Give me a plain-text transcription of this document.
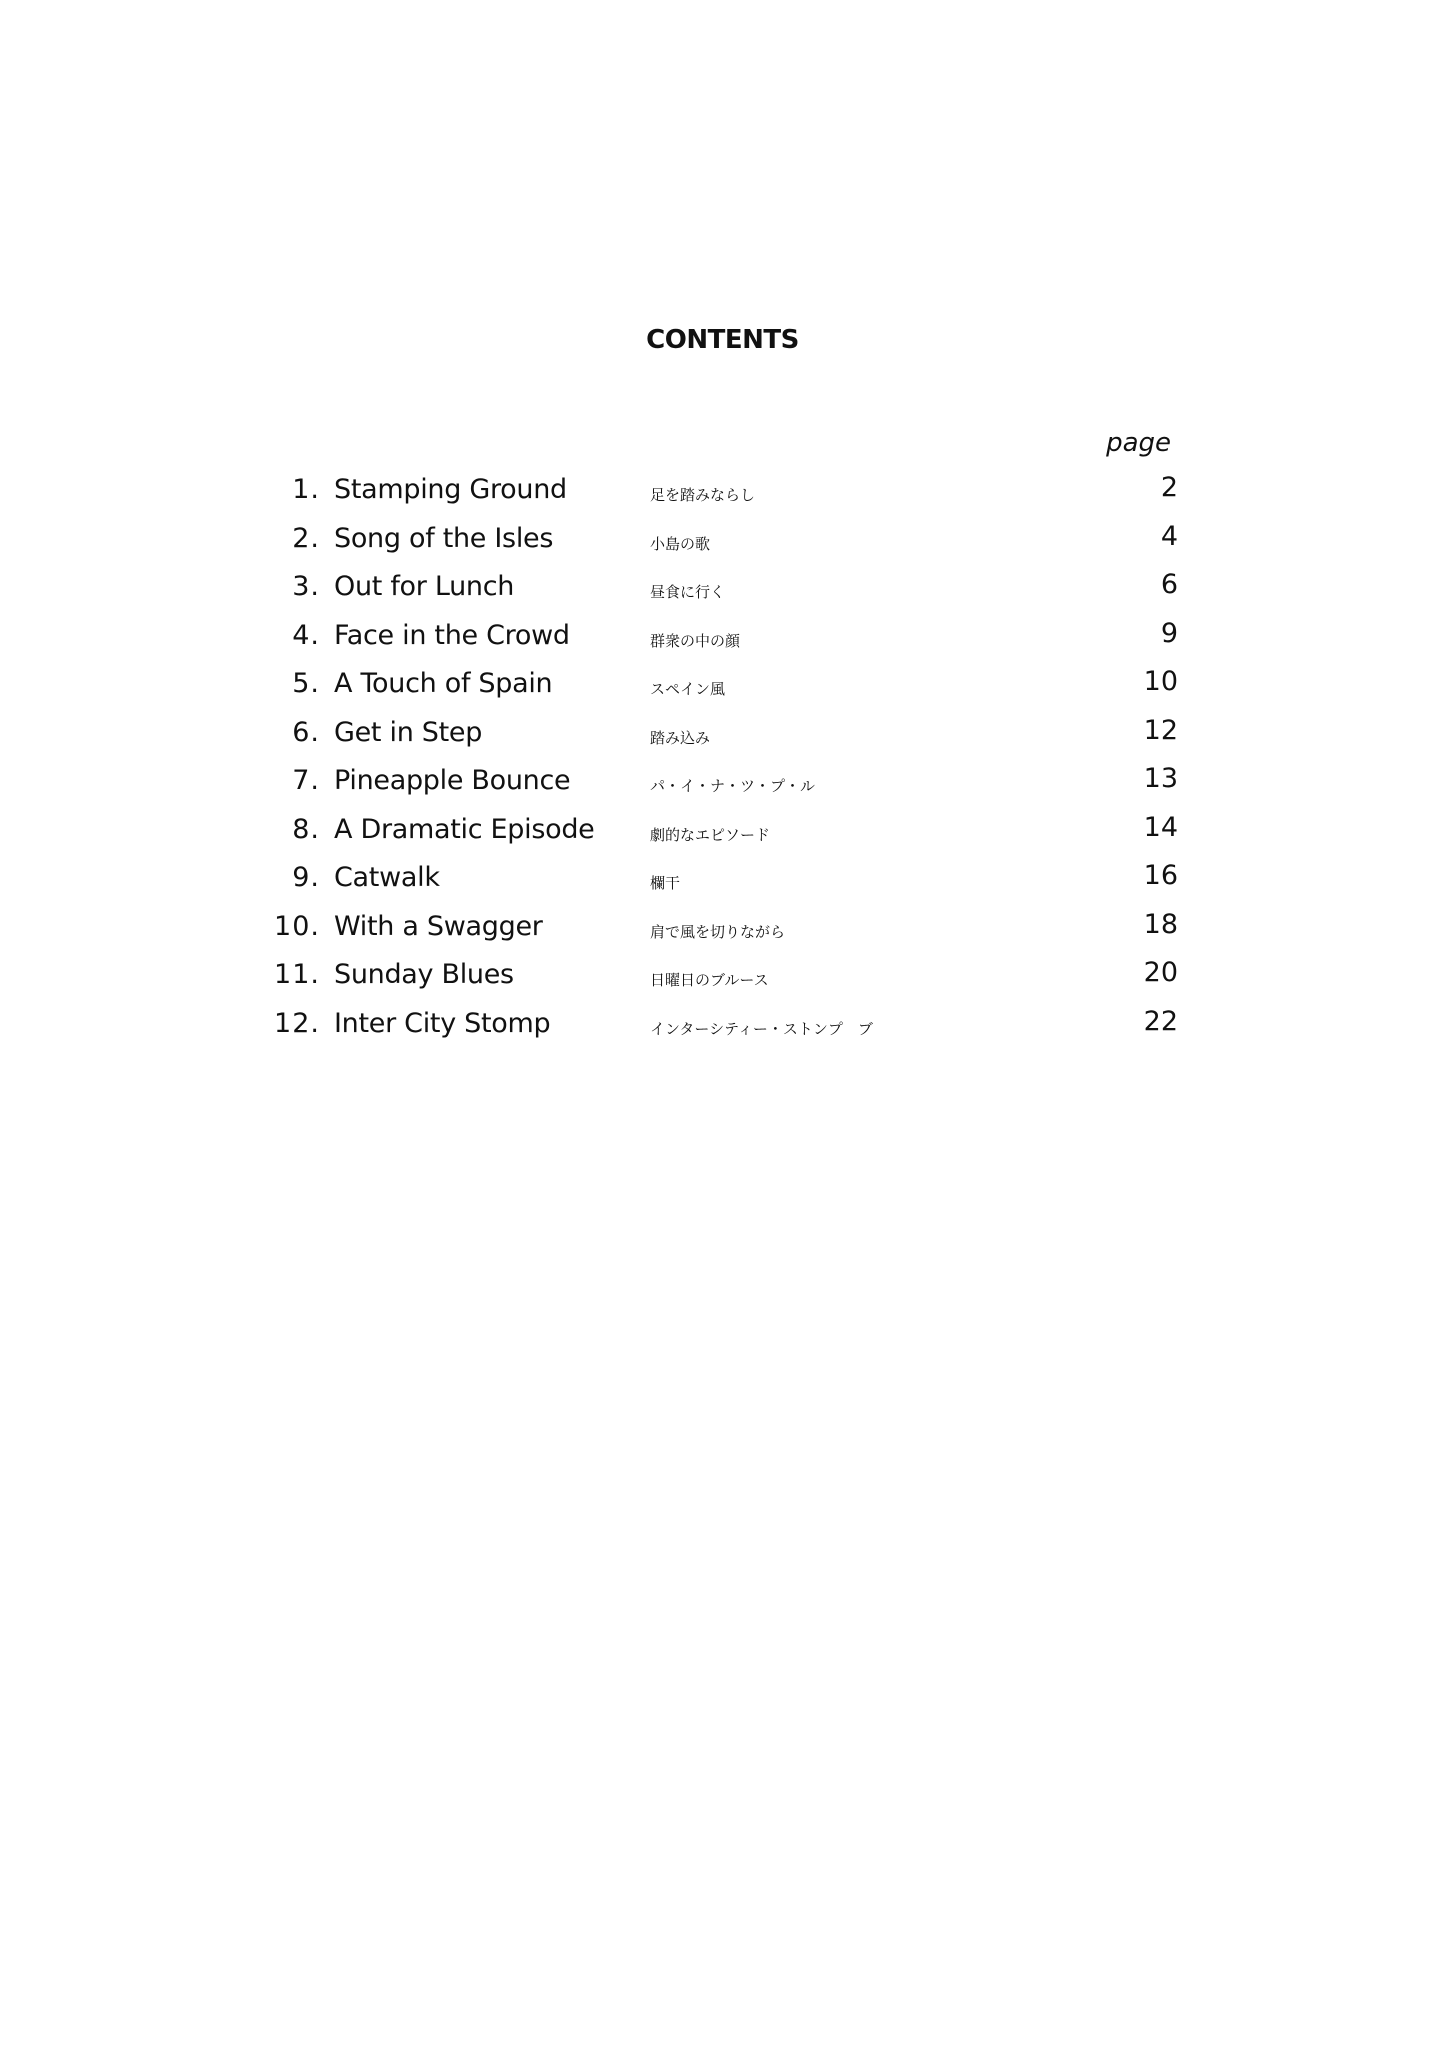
CONTENTS
page
1. Stamping Ground	足を踏みならし	2
2. Song of the Isles	小島の歌	4
3. Out for Lunch	昼食に行く	6
4. Face in the Crowd	群衆の中の顔	9
5. A Touch of Spain	スペイン風	10
6. Get in Step	踏み込み	12
7. Pineapple Bounce	パ・イ・ナ・ツ・プ・ル	13
8. A Dramatic Episode	劇的なエピソード	14
9. Catwalk	欄干	16
10. With a Swagger	肩で風を切りながら	18
11. Sunday Blues	日曜日のブルース	20
12. Inter City Stomp	インターシティー・ストンプ　ブ	22
